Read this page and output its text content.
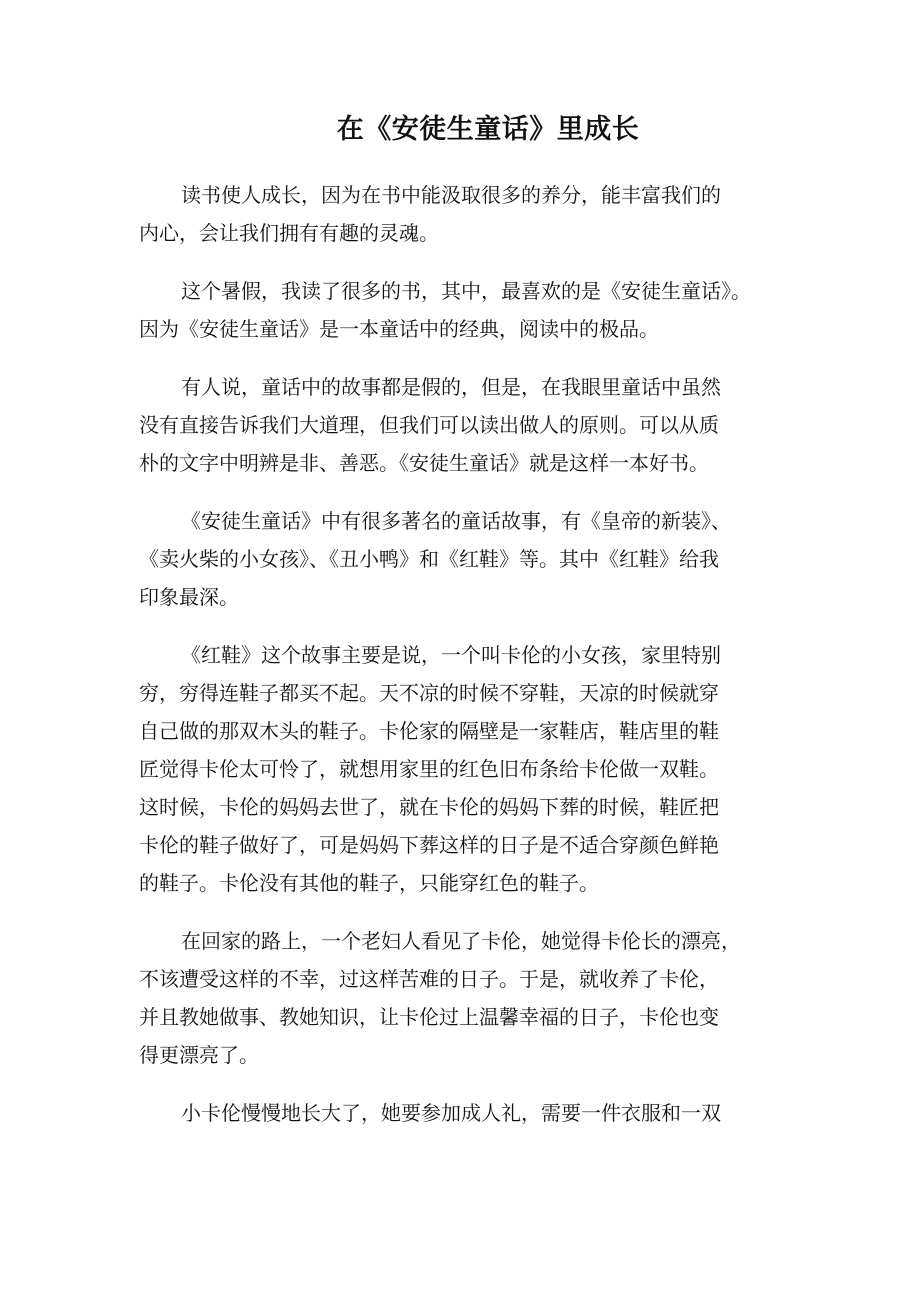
在《安徒生童话》里成长

读书使人成长，因为在书中能汲取很多的养分，能丰富我们的
内心，会让我们拥有有趣的灵魂。

这个暑假，我读了很多的书，其中，最喜欢的是《安徒生童话》。
因为《安徒生童话》是一本童话中的经典，阅读中的极品。

有人说，童话中的故事都是假的，但是，在我眼里童话中虽然
没有直接告诉我们大道理，但我们可以读出做人的原则。可以从质
朴的文字中明辨是非、善恶。《安徒生童话》就是这样一本好书。

《安徒生童话》中有很多著名的童话故事，有《皇帝的新装》、
《卖火柴的小女孩》、《丑小鸭》和《红鞋》等。其中《红鞋》给我
印象最深。

《红鞋》这个故事主要是说，一个叫卡伦的小女孩，家里特别
穷，穷得连鞋子都买不起。天不凉的时候不穿鞋，天凉的时候就穿
自己做的那双木头的鞋子。卡伦家的隔壁是一家鞋店，鞋店里的鞋
匠觉得卡伦太可怜了，就想用家里的红色旧布条给卡伦做一双鞋。
这时候，卡伦的妈妈去世了，就在卡伦的妈妈下葬的时候，鞋匠把
卡伦的鞋子做好了，可是妈妈下葬这样的日子是不适合穿颜色鲜艳
的鞋子。卡伦没有其他的鞋子，只能穿红色的鞋子。

在回家的路上，一个老妇人看见了卡伦，她觉得卡伦长的漂亮，
不该遭受这样的不幸，过这样苦难的日子。于是，就收养了卡伦，
并且教她做事、教她知识，让卡伦过上温馨幸福的日子，卡伦也变
得更漂亮了。

小卡伦慢慢地长大了，她要参加成人礼，需要一件衣服和一双
